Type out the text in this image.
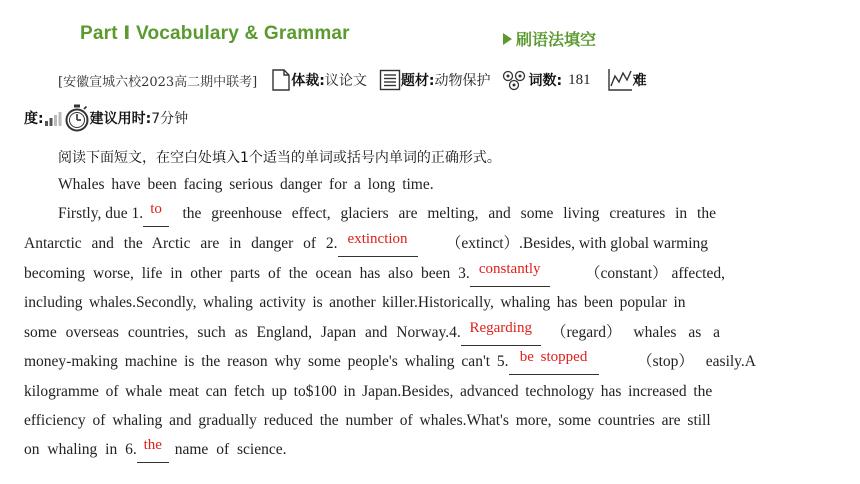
Part Ⅰ Vocabulary & Grammar	刷语法填空
[安徽宣城六校2023高二期中联考] 体裁: 议论文 题材: 动物保护	词数: 181	难
度:	建议用时: 7分钟
阅读下面短文，在空白处填入1个适当的单词或括号内单词的正确形式。
Whales have been facing serious danger for a long time.
Firstly, due 1. to	the greenhouse effect, glaciers are melting, and some living creatures in the
Antarctic and the Arctic are in danger of 2. extinction	（extinct）.Besides, with global warming
becoming worse, life in other parts of the ocean has also been 3. constantly	（constant） affected,
including whales.Secondly, whaling activity is another killer.Historically, whaling has been popular in
some overseas countries, such as England, Japan and Norway.4. Regarding	（regard） whales as a
money-making machine is the reason why some people's whaling can't 5. be stopped	（stop） easily.A
kilogramme of whale meat can fetch up to$100 in Japan.Besides, advanced technology has increased the
efficiency of whaling and gradually reduced the number of whales.What's more, some countries are still
on whaling in 6. the name of science.
